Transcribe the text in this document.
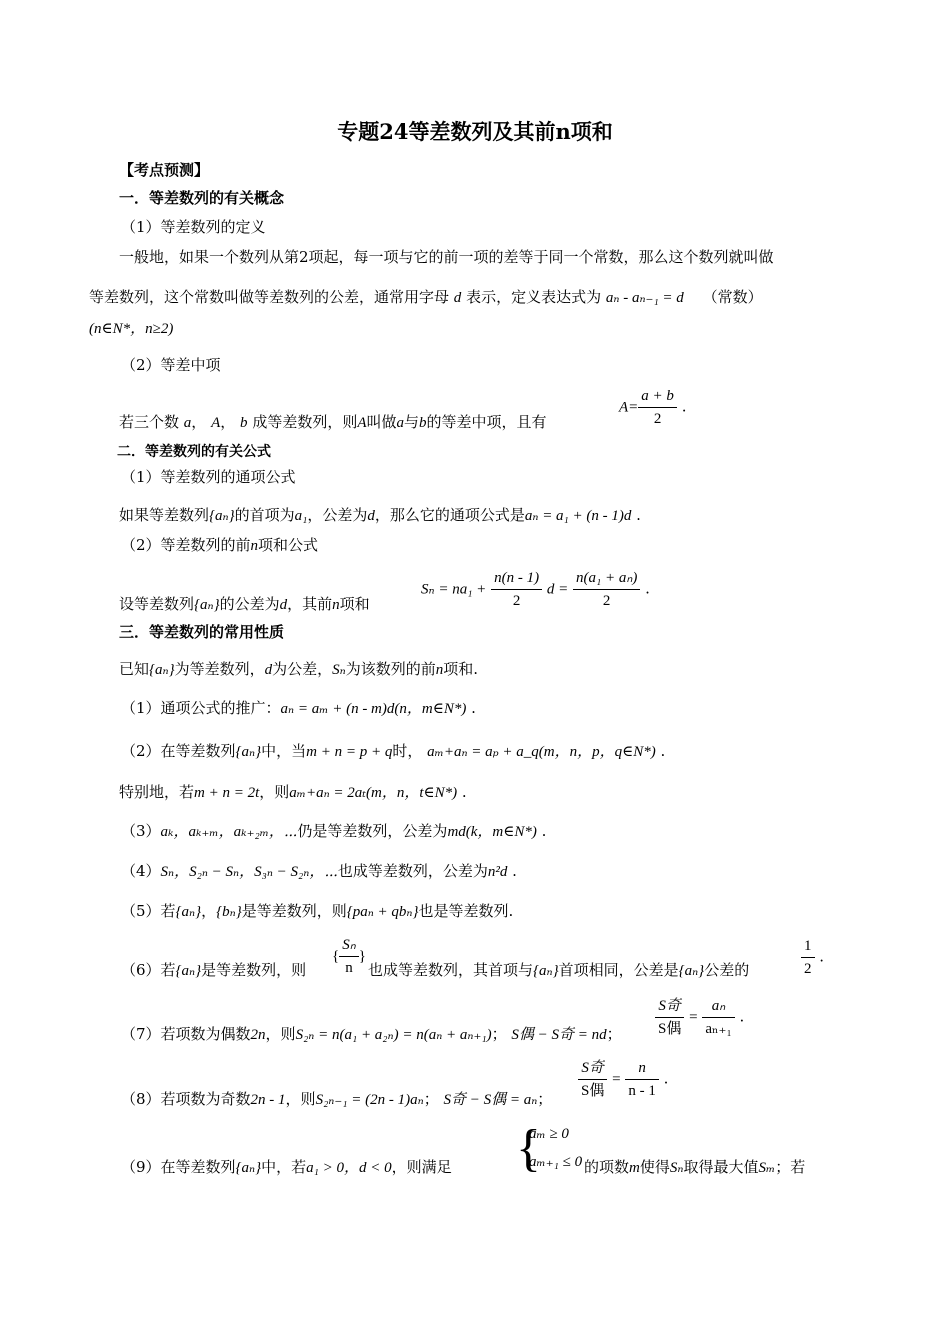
专题24等差数列及其前n项和
【考点预测】
一．等差数列的有关概念
（1）等差数列的定义
一般地，如果一个数列从第2项起，每一项与它的前一项的差等于同一个常数，那么这个数列就叫做
等差数列，这个常数叫做等差数列的公差，通常用字母 d 表示，定义表达式为 aₙ - aₙ₋₁ = d （常数）
(n∈N*，n≥2)
（2）等差中项
若三个数 a， A， b 成等差数列，则A叫做a与b的等差中项，且有
$A= \frac{a + b}{2}$ .
二．等差数列的有关公式
（1）等差数列的通项公式
如果等差数列{aₙ}的首项为a₁，公差为d，那么它的通项公式是aₙ = a₁ + (n - 1)d .
（2）等差数列的前n项和公式
设等差数列{aₙ}的公差为d，其前n项和
$S_n = na_1 + \frac{n(n - 1)}{2}$ $d = \frac{\text{n(a₁ + aₙ)}}{2}$ .
三．等差数列的常用性质
已知{aₙ}为等差数列，d为公差，Sₙ为该数列的前n项和.
（1）通项公式的推广：aₙ = aₘ + (n - m)d(n，m∈N*) .
（2）在等差数列{aₙ}中，当m + n = p + q时， aₘ+aₙ = aₚ + a_q(m，n，p，q∈N*) .
特别地，若m + n = 2t，则aₘ+aₙ = 2aₜ(m，n，t∈N*) .
（3）aₖ，aₖ₊ₘ，aₖ₊₂ₘ，⋯仍是等差数列，公差为md(k，m∈N*) .
（4）Sₙ，S₂ₙ − Sₙ，S₃ₙ − S₂ₙ，⋯也成等差数列，公差为n²d .
（5）若{aₙ}，{bₙ}是等差数列，则{paₙ + qbₙ}也是等差数列.
（6）若{aₙ}是等差数列，则
{ $\frac{\text{Sₙ}}{n}$ }
也成等差数列，其首项与{aₙ}首项相同，公差是{aₙ}公差的	$\frac{1}{2}$ .
（7）若项数为偶数2n，则S₂ₙ = n(a₁ + a₂ₙ) = n(aₙ + aₙ₊₁)； S偶 − S奇 = nd； $\frac{\text{S奇}}{\text{S偶}} = \frac{\text{aₙ}}{\text{aₙ₊₁}}$ .
（8）若项数为奇数2n - 1，则S₂ₙ₋₁ = (2n - 1)aₙ； S奇 − S偶 = aₙ； $\frac{\text{S奇}}{\text{S偶}} = \frac{n}{n - 1}$ .
（9）在等差数列{aₙ}中，若a₁ > 0，d < 0，则满足 {
aₘ ≥ 0
aₘ₊₁ ≤ 0 的项数m使得Sₙ取得最大值Sₘ；若
